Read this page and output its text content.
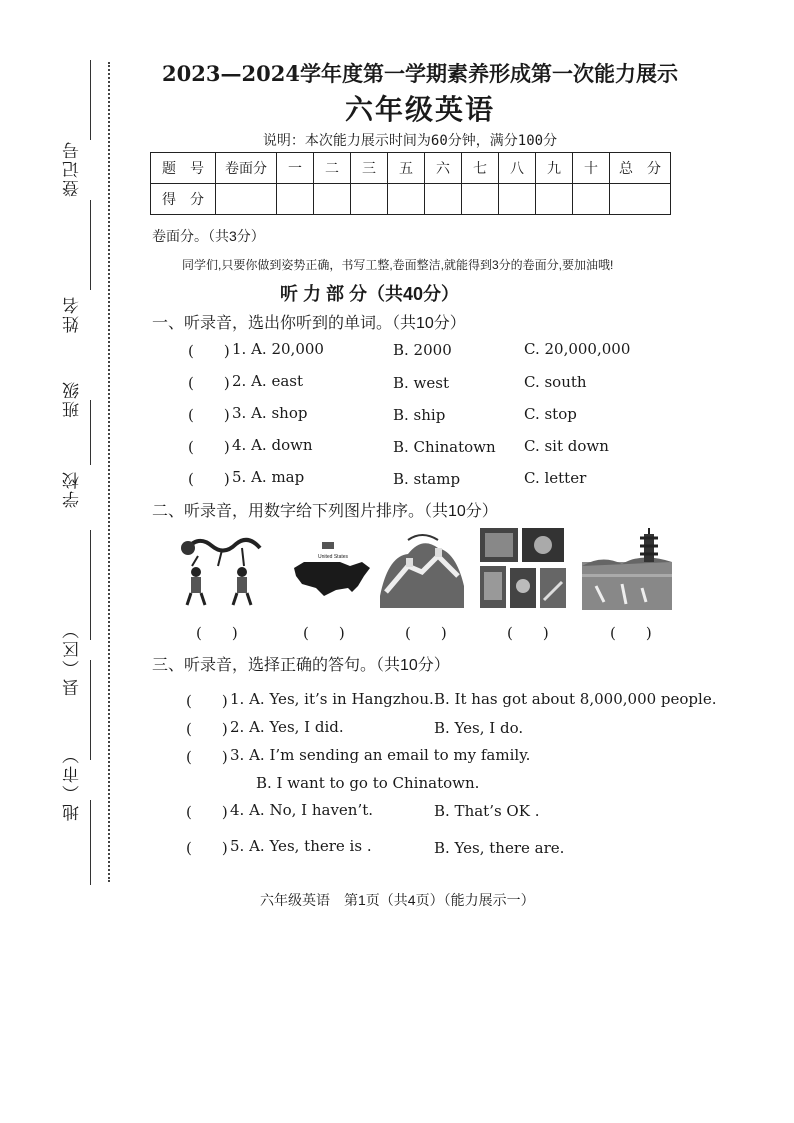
登记号
姓名
班级
学校
县（区）
地（市）
2023—2024学年度第一学期素养形成第一次能力展示
六年级英语
说明：本次能力展示时间为60分钟，满分100分
题　号	卷面分	一	二	三	五	六	七	八	九	十	总　分
得　分											
卷面分。（共3分）
同学们,只要你做到姿势正确，书写工整,卷面整洁,就能得到3分的卷面分,要加油哦!
听 力 部 分（共40分）
一、听录音，选出你听到的单词。（共10分）
(　　) 1. A. 20,000	B. 2000	C. 20,000,000
(　　) 2. A. east	B. west	C. south
(　　) 3. A. shop	B. ship	C. stop
(　　) 4. A. down	B. Chinatown C. sit down
(　　) 5. A. map	B. stamp	C. letter
二、听录音，用数字给下列图片排序。（共10分）
United States
(　　)	(　　)	(　　)	(　　)	(　　)
三、听录音，选择正确的答句。（共10分）
(　　) 1. A. Yes, it’s in Hangzhou. B. It has got about 8,000,000 people.
(　　) 2. A. Yes, I did.	B. Yes, I do.
(　　) 3. A. I’m sending an email to my family.
B. I want to go to Chinatown.
(　　) 4. A. No, I haven’t.	B. That’s OK .
(　　) 5. A. Yes, there is .	B. Yes, there are.
六年级英语　第1页（共4页）（能力展示一）
